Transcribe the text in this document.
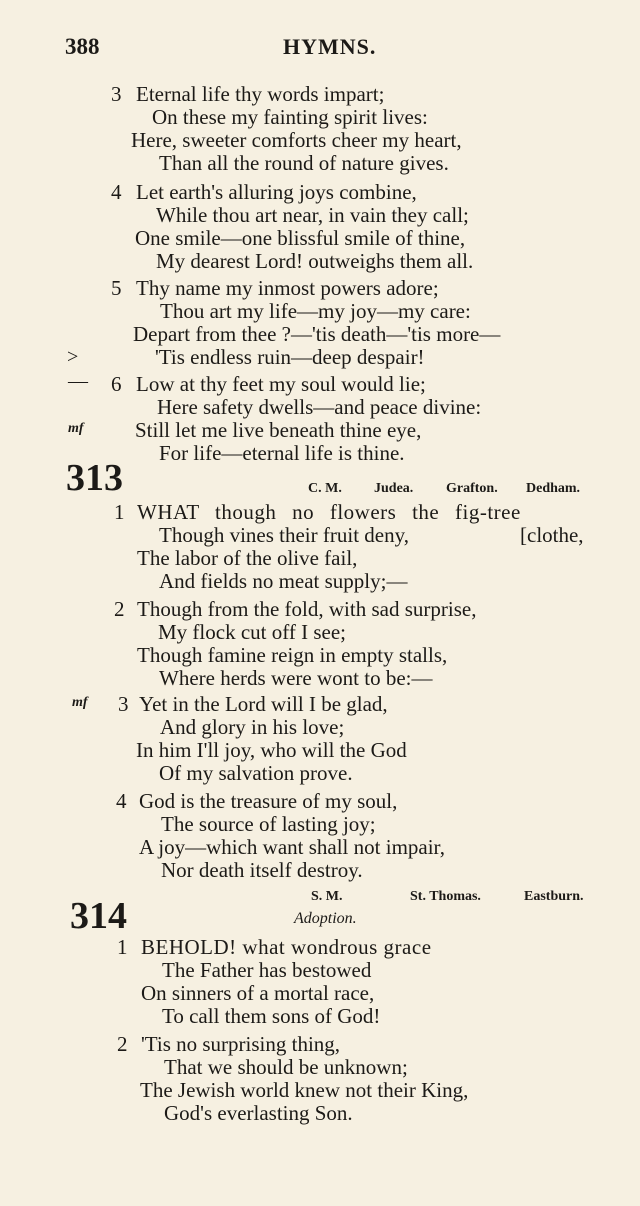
388	HYMNS.
3 Eternal life thy words impart;
On these my fainting spirit lives:
Here, sweeter comforts cheer my heart,
Than all the round of nature gives.
4 Let earth's alluring joys combine,
While thou art near, in vain they call;
One smile—one blissful smile of thine,
My dearest Lord! outweighs them all.
5 Thy name my inmost powers adore;
Thou art my life—my joy—my care:
Depart from thee ?—'tis death—'tis more—
>	'Tis endless ruin—deep despair!
— 6 Low at thy feet my soul would lie;
Here safety dwells—and peace divine:
mf Still let me live beneath thine eye,
For life—eternal life is thine.
313	C. M. Judea. Grafton. Dedham.
1 WHAT though no flowers the fig-tree
Though vines their fruit deny,	[clothe,
The labor of the olive fail,
And fields no meat supply;—
2 Though from the fold, with sad surprise,
My flock cut off I see;
Though famine reign in empty stalls,
Where herds were wont to be:—
mf 3 Yet in the Lord will I be glad,
And glory in his love;
In him I'll joy, who will the God
Of my salvation prove.
4 God is the treasure of my soul,
The source of lasting joy;
A joy—which want shall not impair,
Nor death itself destroy.
S. M.	St. Thomas.	Eastburn.
314	Adoption.
1 BEHOLD! what wondrous grace
The Father has bestowed
On sinners of a mortal race,
To call them sons of God!
2 'Tis no surprising thing,
That we should be unknown;
The Jewish world knew not their King,
God's everlasting Son.
